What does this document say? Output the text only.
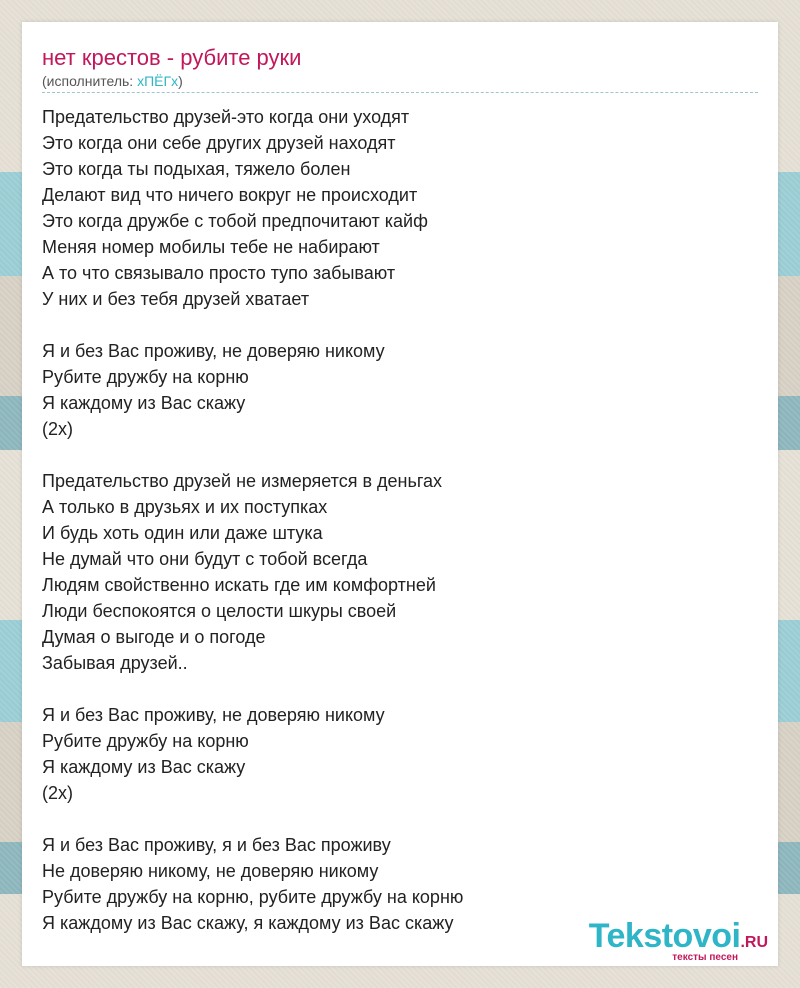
нет крестов - рубите руки
(исполнитель: хПЁГх)
Предательство друзей-это когда они уходят
Это когда они себе других друзей находят
Это когда ты подыхая, тяжело болен
Делают вид что ничего вокруг не происходит
Это когда дружбе с тобой предпочитают кайф
Меняя номер мобилы тебе не набирают
А то что связывало просто тупо забывают
У них и без тебя друзей хватает
Я и без Вас проживу, не доверяю никому
Рубите дружбу на корню
Я каждому из Вас скажу
(2х)
Предательство друзей не измеряется в деньгах
А только в друзьях и их поступках
И будь хоть один или даже штука
Не думай что они будут с тобой всегда
Людям свойственно искать где им комфортней
Люди беспокоятся о целости шкуры своей
Думая о выгоде и о погоде
Забывая друзей..
Я и без Вас проживу, не доверяю никому
Рубите дружбу на корню
Я каждому из Вас скажу
(2х)
Я и без Вас проживу, я и без Вас проживу
Не доверяю никому, не доверяю никому
Рубите дружбу на корню, рубите дружбу на корню
Я каждому из Вас скажу, я каждому из Вас скажу	Tekstovoi.RU
тексты песен
